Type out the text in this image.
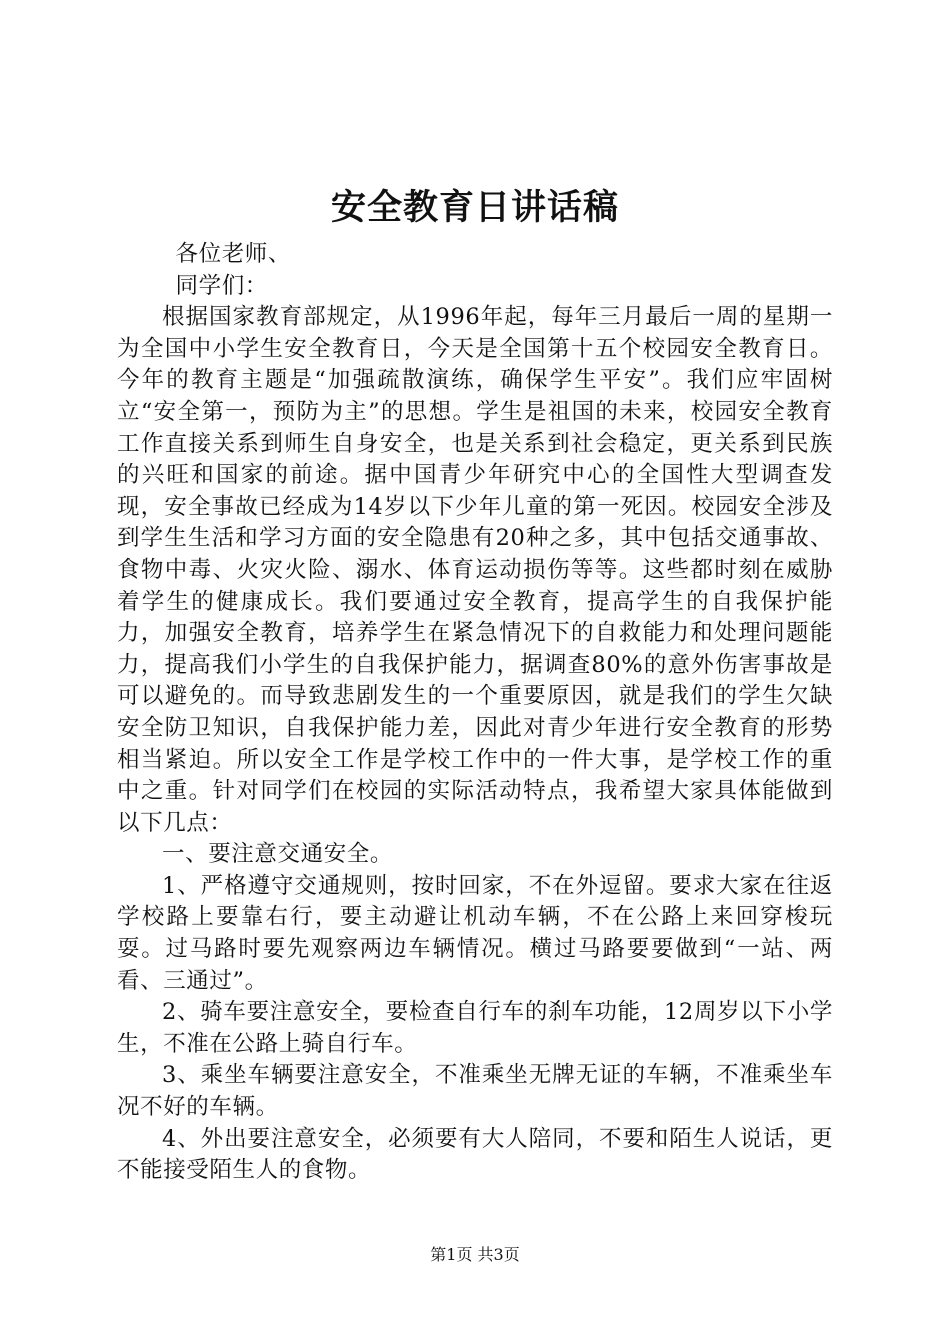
安全教育日讲话稿

各位老师、

同学们：

根据国家教育部规定，从1996年起，每年三月最后一周的星期一为全国中小学生安全教育日，今天是全国第十五个校园安全教育日。今年的教育主题是“加强疏散演练，确保学生平安”。我们应牢固树立“安全第一，预防为主”的思想。学生是祖国的未来，校园安全教育工作直接关系到师生自身安全，也是关系到社会稳定，更关系到民族的兴旺和国家的前途。据中国青少年研究中心的全国性大型调查发现，安全事故已经成为14岁以下少年儿童的第一死因。校园安全涉及到学生生活和学习方面的安全隐患有20种之多，其中包括交通事故、食物中毒、火灾火险、溺水、体育运动损伤等等。这些都时刻在威胁着学生的健康成长。我们要通过安全教育，提高学生的自我保护能力，加强安全教育，培养学生在紧急情况下的自救能力和处理问题能力，提高我们小学生的自我保护能力，据调查80%的意外伤害事故是可以避免的。而导致悲剧发生的一个重要原因，就是我们的学生欠缺安全防卫知识，自我保护能力差，因此对青少年进行安全教育的形势相当紧迫。所以安全工作是学校工作中的一件大事，是学校工作的重中之重。针对同学们在校园的实际活动特点，我希望大家具体能做到以下几点：

一、要注意交通安全。

1、严格遵守交通规则，按时回家，不在外逗留。要求大家在往返学校路上要靠右行，要主动避让机动车辆，不在公路上来回穿梭玩耍。过马路时要先观察两边车辆情况。横过马路要要做到“一站、两看、三通过”。

2、骑车要注意安全，要检查自行车的刹车功能，12周岁以下小学生，不准在公路上骑自行车。

3、乘坐车辆要注意安全，不准乘坐无牌无证的车辆，不准乘坐车况不好的车辆。

4、外出要注意安全，必须要有大人陪同，不要和陌生人说话，更不能接受陌生人的食物。

第1页 共3页
